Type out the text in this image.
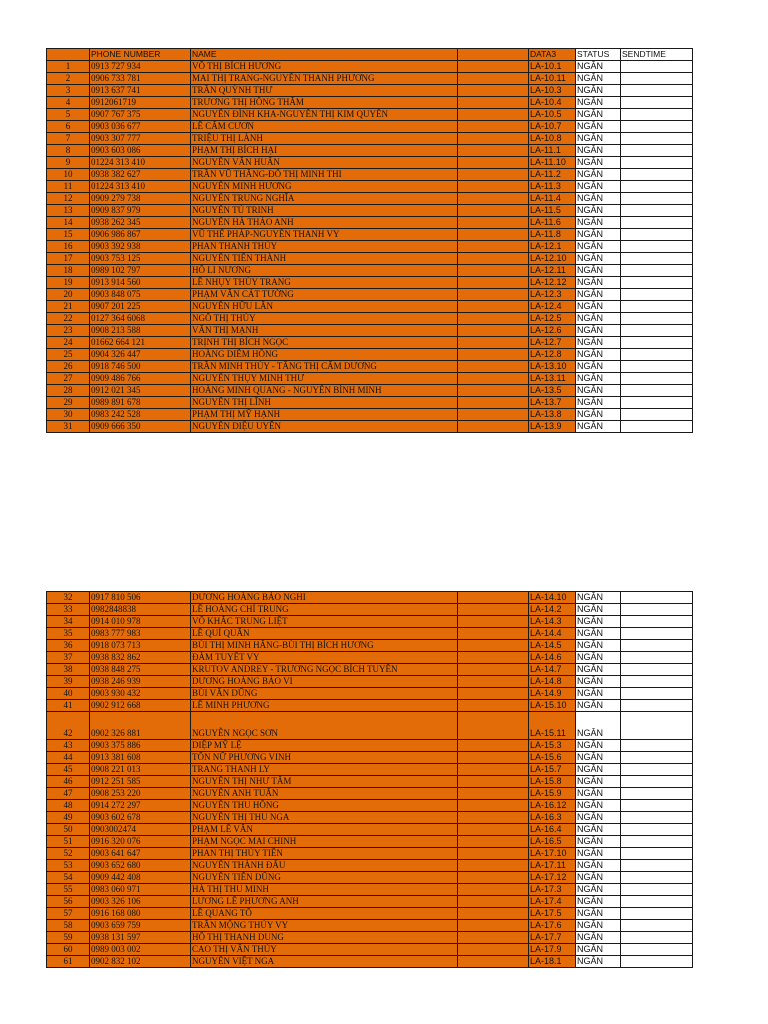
	PHONE NUMBER	NAME		DATA3	STATUS	SENDTIME
1	0913 727 934	VÕ THỊ BÍCH HƯƠNG		LA-10.1	NGÂN	
2	0906 733 781	MAI THỊ TRANG-NGUYỄN THANH PHƯƠNG		LA-10.11	NGÂN	
3	0913 637 741	TRẦN QUỲNH THƯ		LA-10.3	NGÂN	
4	0912061719	TRƯƠNG THỊ HỒNG THẮM		LA-10.4	NGÂN	
5	0907 767 375	NGUYỄN ĐÌNH KHA-NGUYỄN THỊ KIM QUYÊN		LA-10.5	NGÂN	
6	0903 036 677	LÊ CẨM CƯƠN		LA-10.7	NGÂN	
7	0903 307 777	TRIỆU THỊ LÀNH		LA-10.8	NGÂN	
8	0903 603 086	PHẠM THỊ BÍCH HẠI		LA-11.1	NGÂN	
9	01224 313 410	NGUYỄN VĂN HUẤN		LA-11.10	NGÂN	
10	0938 382 627	TRẦN VŨ THĂNG-ĐỖ THỊ MINH THI		LA-11.2	NGÂN	
11	01224 313 410	NGUYỄN MINH HƯƠNG		LA-11.3	NGÂN	
12	0909 279 738	NGUYỄN TRUNG NGHĨA		LA-11.4	NGÂN	
13	0909 837 979	NGUYỄN TÚ TRINH		LA-11.5	NGÂN	
14	0938 262 345	NGUYỄN HÀ THẢO ANH		LA-11.6	NGÂN	
15	0906 986 867	VŨ THẾ PHÁP-NGUYỄN THANH VY		LA-11.8	NGÂN	
16	0903 392 938	PHAN THANH THỦY		LA-12.1	NGÂN	
17	0903 753 125	NGUYỄN TIẾN THÀNH		LA-12.10	NGÂN	
18	0989 102 797	HỒ LI NƯƠNG		LA-12.11	NGÂN	
19	0913 914 560	LÊ NHỤY THÙY TRANG		LA-12.12	NGÂN	
20	0903 848 075	PHẠM VĂN CÁT TƯỜNG		LA-12.3	NGÂN	
21	0907 201 225	NGUYỄN HỮU LÂN		LA-12.4	NGÂN	
22	0127 364 6068	NGÔ THỊ THÚY		LA-12.5	NGÂN	
23	0908 213 588	VĂN THỊ MẠNH		LA-12.6	NGÂN	
24	01662 664 121	TRỊNH THỊ BÍCH NGỌC		LA-12.7	NGÂN	
25	0904 326 447	HOÀNG DIỄM HỒNG		LA-12.8	NGÂN	
26	0918 746 500	TRẦN MINH THỦY - TĂNG THỊ CẨM DƯƠNG		LA-13.10	NGÂN	
27	0909 486 766	NGUYỄN THỤY MINH THƯ		LA-13.11	NGÂN	
28	0912 021 345	HOÀNG MINH QUANG - NGUYỄN BÌNH MINH		LA-13.5	NGÂN	
29	0989 891 678	NGUYỄN THỊ LĨNH		LA-13.7	NGÂN	
30	0983 242 528	PHẠM THỊ MỸ HẠNH		LA-13.8	NGÂN	
31	0909 666 350	NGUYỄN DIỆU UYÊN		LA-13.9	NGÂN	
32	0917 810 506	DƯƠNG HOÀNG BẢO NGHI		LA-14.10	NGÂN	
33	0982848838	LÊ HOÀNG CHÍ TRUNG		LA-14.2	NGÂN	
34	0914 010 978	VÕ KHẮC TRUNG LIỆT		LA-14.3	NGÂN	
35	0983 777 983	LÊ QUÍ QUÂN		LA-14.4	NGÂN	
36	0918 073 713	BÙI THỊ MINH HẰNG-BÙI THỊ BÍCH HƯƠNG		LA-14.5	NGÂN	
37	0938 832 862	ĐÀM TUYẾT VY		LA-14.6	NGÂN	
38	0938 848 275	KRUTOV ANDREY - TRƯƠNG NGỌC BÍCH TUYỀN		LA-14.7	NGÂN	
39	0938 246 939	DƯƠNG HOÀNG BẢO VI		LA-14.8	NGÂN	
40	0903 930 432	BÙI VĂN DŨNG		LA-14.9	NGÂN	
41	0902 912 668	LÊ MINH PHƯƠNG		LA-15.10	NGÂN	
42	0902 326 881	NGUYỄN NGỌC SƠN		LA-15.11	NGÂN	
43	0903 375 886	DIỆP MỸ LỆ		LA-15.3	NGÂN	
44	0913 381 608	TÔN NỮ PHƯƠNG VINH		LA-15.6	NGÂN	
45	0908 221 013	TRANG THANH LY		LA-15.7	NGÂN	
46	0912 251 585	NGUYỄN THỊ NHƯ TÂM		LA-15.8	NGÂN	
47	0908 253 220	NGUYỄN ANH TUẤN		LA-15.9	NGÂN	
48	0914 272 297	NGUYỄN THU HỒNG		LA-16.12	NGÂN	
49	0903 602 678	NGUYỄN THỊ THU NGA		LA-16.3	NGÂN	
50	0903002474	PHẠM LÊ VÂN		LA-16.4	NGÂN	
51	0916 320 076	PHẠM NGỌC MAI CHINH		LA-16.5	NGÂN	
52	0903 641 647	PHAN THỊ THỦY TIÊN		LA-17.10	NGÂN	
53	0903 652 680	NGUYỄN THÀNH ĐẤU		LA-17.11	NGÂN	
54	0909 442 408	NGUYỄN TIẾN DŨNG		LA-17.12	NGÂN	
55	0983 060 971	HÀ THỊ THU MINH		LA-17.3	NGÂN	
56	0903 326 106	LƯƠNG LÊ PHƯƠNG ANH		LA-17.4	NGÂN	
57	0916 168 080	LÊ QUANG TÔ		LA-17.5	NGÂN	
58	0903 659 759	TRẦN MỘNG THÚY VY		LA-17.6	NGÂN	
59	0938 131 597	HỒ THỊ THANH DUNG		LA-17.7	NGÂN	
60	0989 003 002	CAO THỊ VÂN THÚY		LA-17.9	NGÂN	
61	0902 832 102	NGUYỄN VIỆT NGA		LA-18.1	NGÂN	
